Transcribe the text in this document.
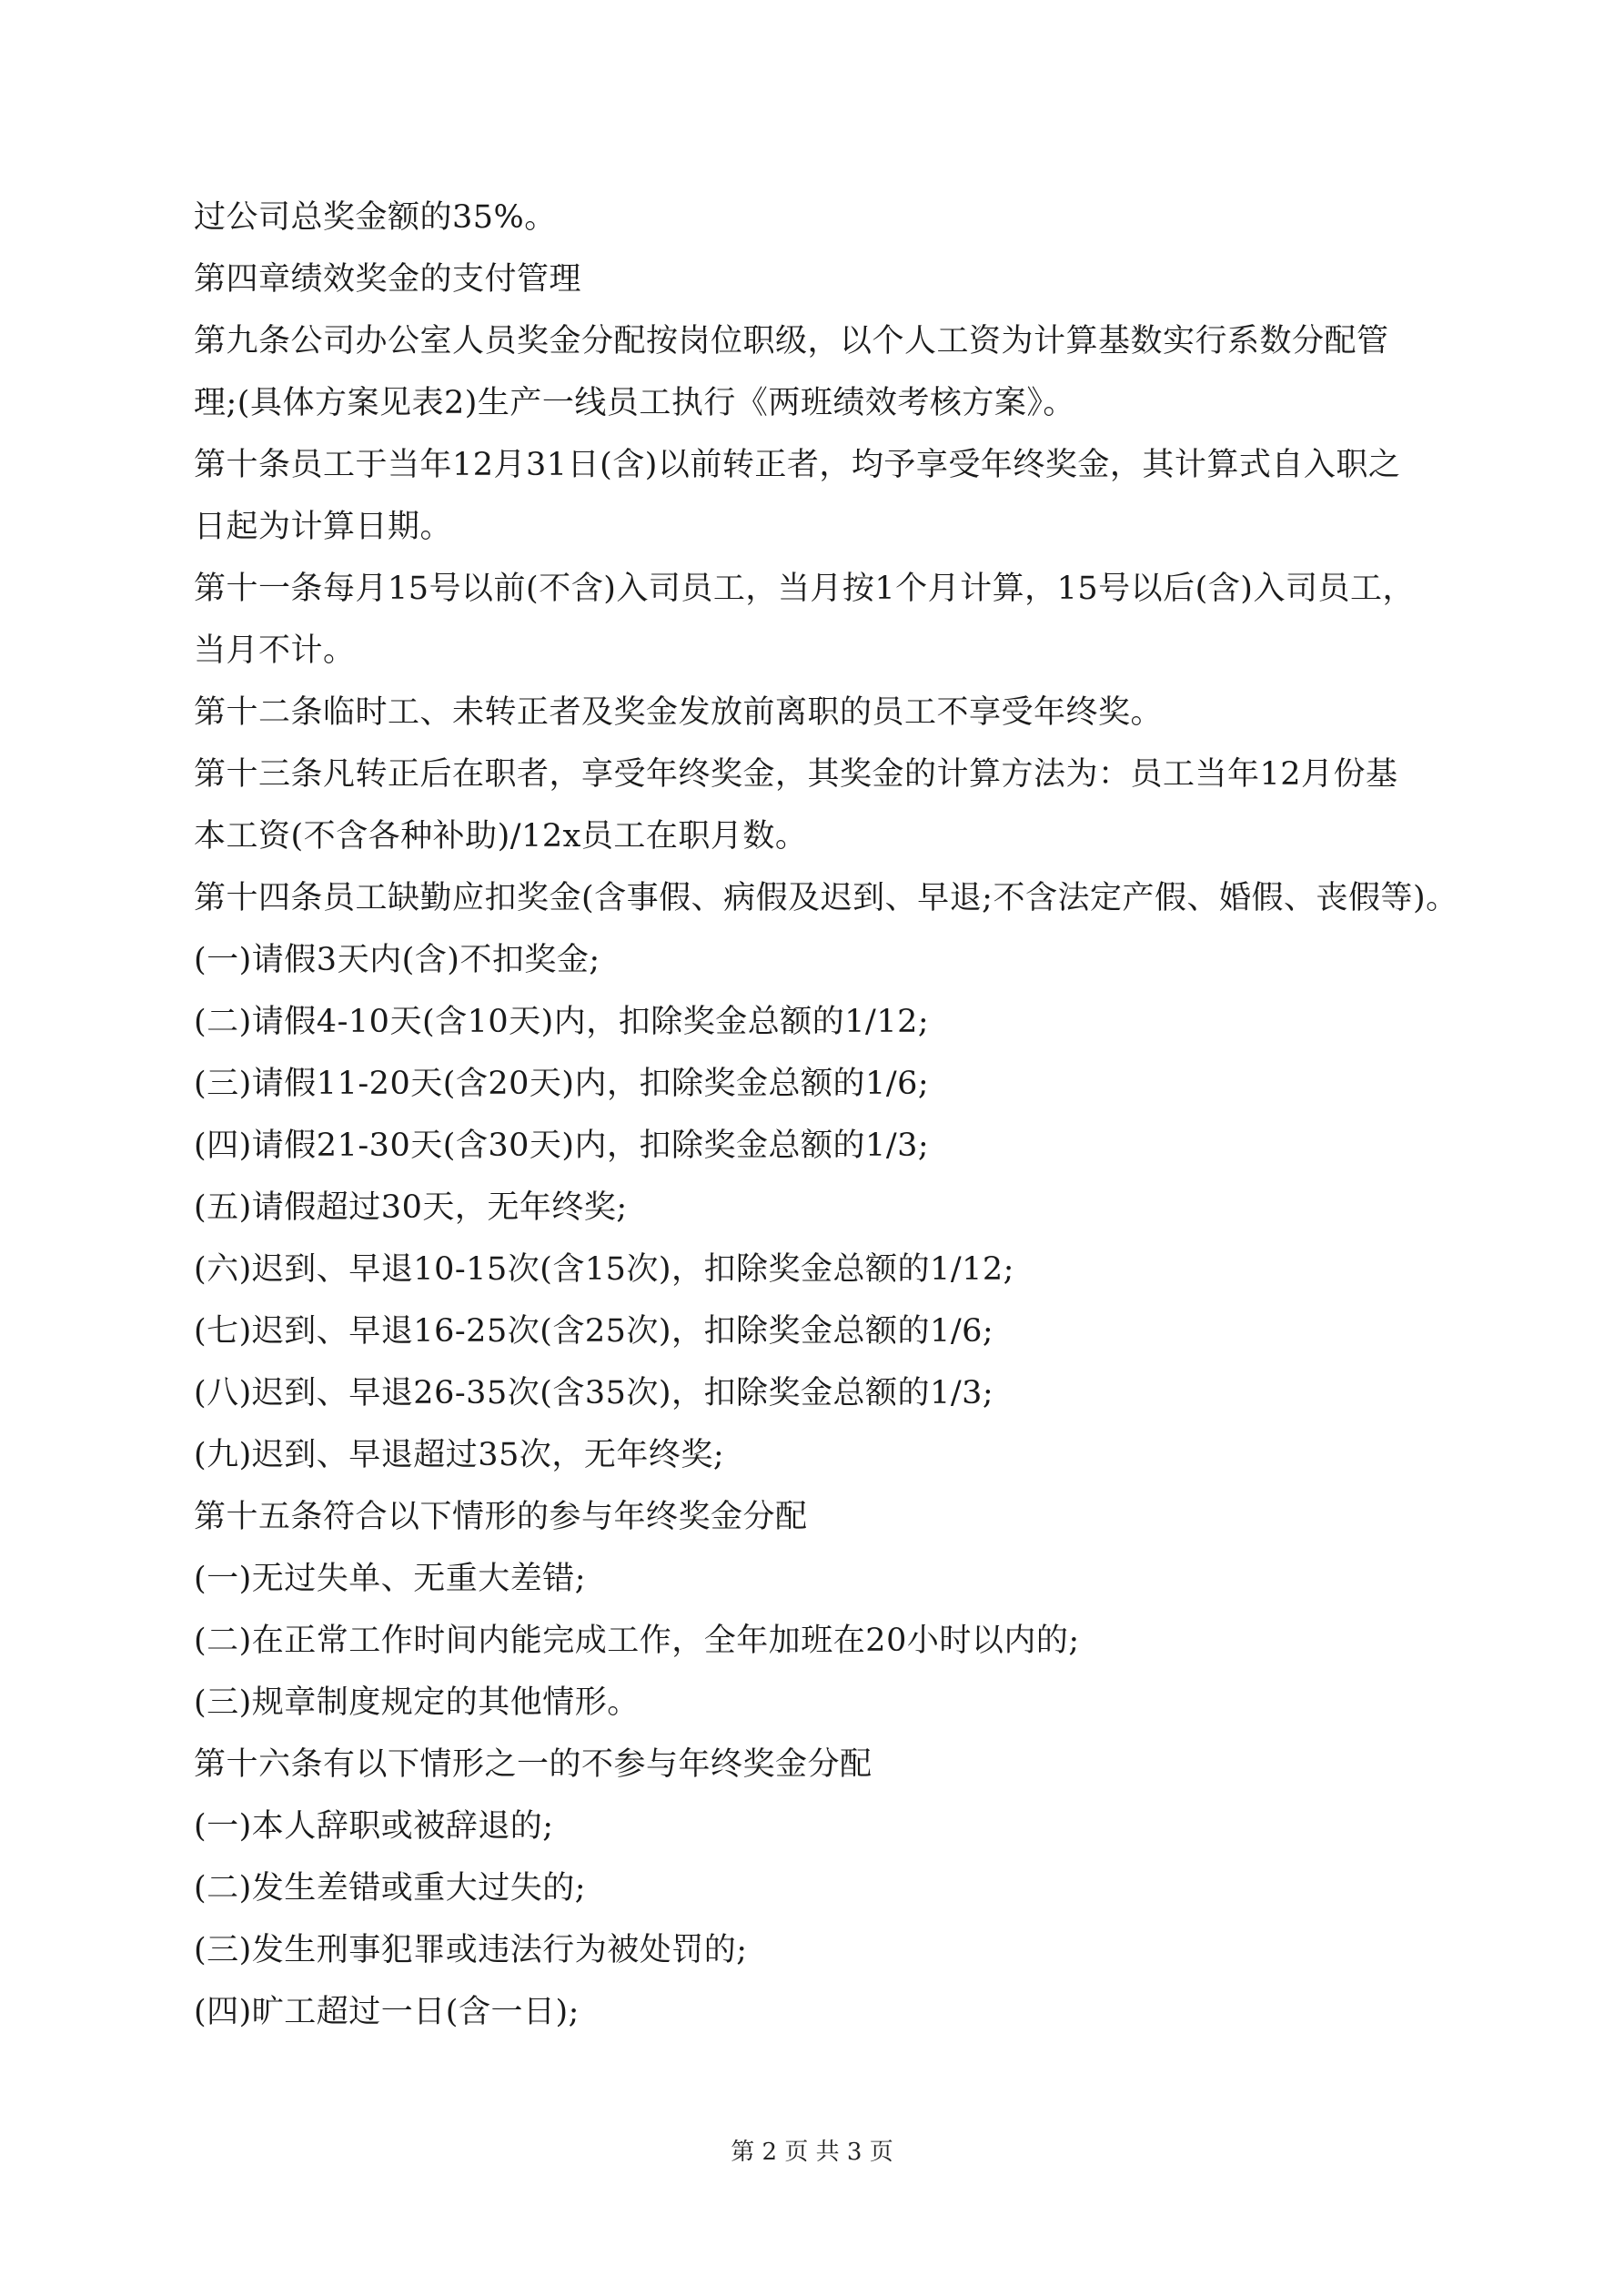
过公司总奖金额的35%。

第四章绩效奖金的支付管理

第九条公司办公室人员奖金分配按岗位职级，以个人工资为计算基数实行系数分配管

理;(具体方案见表2)生产一线员工执行《两班绩效考核方案》。

第十条员工于当年12月31日(含)以前转正者，均予享受年终奖金，其计算式自入职之

日起为计算日期。

第十一条每月15号以前(不含)入司员工，当月按1个月计算，15号以后(含)入司员工，

当月不计。

第十二条临时工、未转正者及奖金发放前离职的员工不享受年终奖。

第十三条凡转正后在职者，享受年终奖金，其奖金的计算方法为：员工当年12月份基

本工资(不含各种补助)/12x员工在职月数。

第十四条员工缺勤应扣奖金(含事假、病假及迟到、早退;不含法定产假、婚假、丧假等)。

(一)请假3天内(含)不扣奖金;

(二)请假4-10天(含10天)内，扣除奖金总额的1/12;

(三)请假11-20天(含20天)内，扣除奖金总额的1/6;

(四)请假21-30天(含30天)内，扣除奖金总额的1/3;

(五)请假超过30天，无年终奖;

(六)迟到、早退10-15次(含15次)，扣除奖金总额的1/12;

(七)迟到、早退16-25次(含25次)，扣除奖金总额的1/6;

(八)迟到、早退26-35次(含35次)，扣除奖金总额的1/3;

(九)迟到、早退超过35次，无年终奖;

第十五条符合以下情形的参与年终奖金分配

(一)无过失单、无重大差错;

(二)在正常工作时间内能完成工作，全年加班在20小时以内的;

(三)规章制度规定的其他情形。

第十六条有以下情形之一的不参与年终奖金分配

(一)本人辞职或被辞退的;

(二)发生差错或重大过失的;

(三)发生刑事犯罪或违法行为被处罚的;

(四)旷工超过一日(含一日);

第 2 页 共 3 页
